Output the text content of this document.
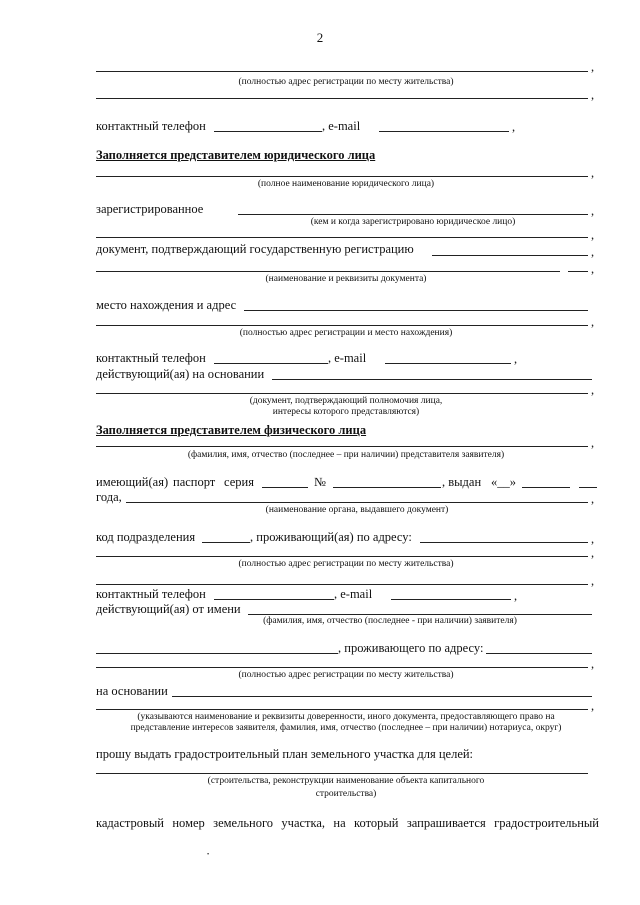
2
,
(полностью адрес регистрации по месту жительства)
,
контактный телефон	, e-mail	,
Заполняется представителем юридического лица
,
(полное наименование юридического лица)
зарегистрированное	,
(кем и когда зарегистрировано юридическое лицо)
,
документ, подтверждающий государственную регистрацию	,
,
(наименование и реквизиты документа)
место нахождения и адрес
,
(полностью адрес регистрации и место нахождения)
контактный телефон	, e-mail	,
действующий(ая) на основании
,
(документ, подтверждающий полномочия лица,
интересы которого представляются)
Заполняется представителем физического лица
,
(фамилия, имя, отчество (последнее – при наличии) представителя заявителя)
имеющий(ая) паспорт серия	№	, выдан «__»
года,	,
(наименование органа, выдавшего документ)
код подразделения	, проживающий(ая) по адресу:	,
,
(полностью адрес регистрации по месту жительства)
,
контактный телефон	, e-mail	,
действующий(ая) от имени
(фамилия, имя, отчество (последнее - при наличии) заявителя)
, проживающего по адресу:
,
(полностью адрес регистрации по месту жительства)
на основании
,
(указываются наименование и реквизиты доверенности, иного документа, предоставляющего право на
представление интересов заявителя, фамилия, имя, отчество (последнее – при наличии) нотариуса, округ)
прошу выдать градостроительный план земельного участка для целей:
(строительства, реконструкции наименование объекта капитального
строительства)
кадастровый номер земельного участка, на который запрашивается градостроительный
·
